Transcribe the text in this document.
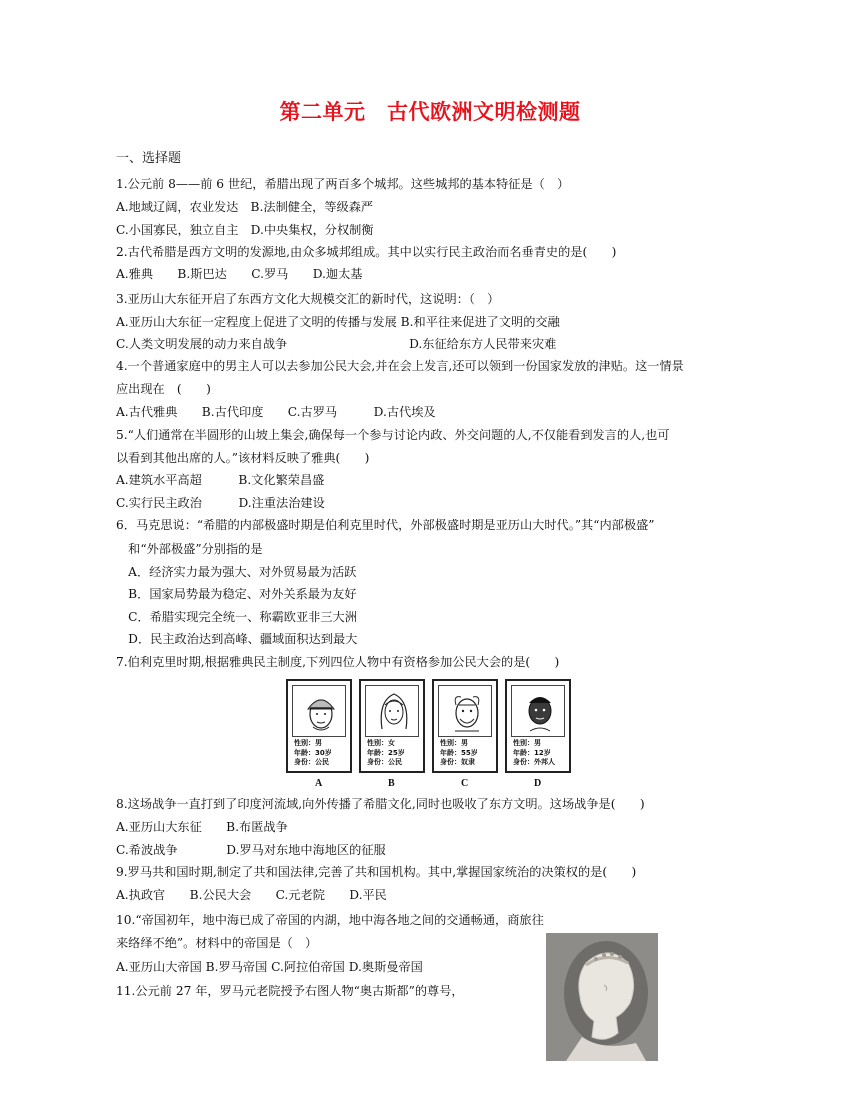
第二单元　古代欧洲文明检测题
一、选择题
1.公元前 8——前 6 世纪，希腊出现了两百多个城邦。这些城邦的基本特征是（　）
A.地域辽阔，农业发达　B.法制健全，等级森严
C.小国寡民，独立自主　D.中央集权，分权制衡
2.古代希腊是西方文明的发源地,由众多城邦组成。其中以实行民主政治而名垂青史的是(　　)
A.雅典　　B.斯巴达　　C.罗马　　D.迦太基
3.亚历山大东征开启了东西方文化大规模交汇的新时代，这说明：（　）
A.亚历山大东征一定程度上促进了文明的传播与发展 B.和平往来促进了文明的交融
C.人类文明发展的动力来自战争　　　　　　　　　　D.东征给东方人民带来灾难
4.一个普通家庭中的男主人可以去参加公民大会,并在会上发言,还可以领到一份国家发放的津贴。这一情景
应出现在　(　　)
A.古代雅典　　B.古代印度　　C.古罗马　　　D.古代埃及
5.“人们通常在半圆形的山坡上集会,确保每一个参与讨论内政、外交问题的人,不仅能看到发言的人,也可
以看到其他出席的人。”该材料反映了雅典(　　)
A.建筑水平高超　　　B.文化繁荣昌盛
C.实行民主政治　　　D.注重法治建设
6．马克思说：“希腊的内部极盛时期是伯利克里时代，外部极盛时期是亚历山大时代。”其“内部极盛”
　和“外部极盛”分别指的是
　A．经济实力最为强大、对外贸易最为活跃
　B．国家局势最为稳定、对外关系最为友好
　C．希腊实现完全统一、称霸欧亚非三大洲
　D．民主政治达到高峰、疆域面积达到最大
7.伯利克里时期,根据雅典民主制度,下列四位人物中有资格参加公民大会的是(　　)
性别：男
年龄：30岁
身份：公民
性别：女
年龄：25岁
身份：公民
性别：男
年龄：55岁
身份：奴隶
性别：男
年龄：12岁
身份：外邦人
A	B	C	D
8.这场战争一直打到了印度河流域,向外传播了希腊文化,同时也吸收了东方文明。这场战争是(　　)
A.亚历山大东征　　B.布匿战争
C.希波战争　　　　D.罗马对东地中海地区的征服
9.罗马共和国时期,制定了共和国法律,完善了共和国机构。其中,掌握国家统治的决策权的是(　　)
A.执政官　　B.公民大会　　C.元老院　　D.平民
10.“帝国初年，地中海已成了帝国的内湖，地中海各地之间的交通畅通，商旅往
来络绎不绝”。材料中的帝国是（　）
A.亚历山大帝国 B.罗马帝国 C.阿拉伯帝国 D.奥斯曼帝国
11.公元前 27 年，罗马元老院授予右图人物“奥古斯都”的尊号，
